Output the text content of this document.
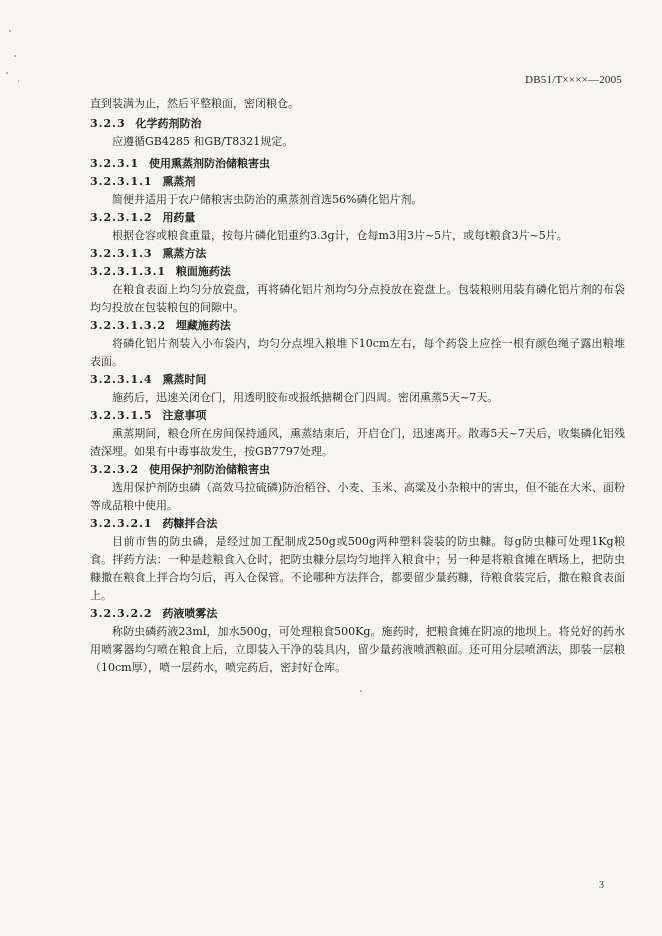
DB51/T××××—2005

直到装满为止，然后平整粮面，密闭粮仓。

3.2.3 化学药剂防治

应遵循GB4285 和GB/T8321规定。

3.2.3.1 使用熏蒸剂防治储粮害虫

3.2.3.1.1 熏蒸剂

简便并适用于农户储粮害虫防治的熏蒸剂首选56%磷化铝片剂。

3.2.3.1.2 用药量

根据仓容或粮食重量，按每片磷化铝重约3.3g计，仓每m3用3片~5片，或每t粮食3片~5片。

3.2.3.1.3 熏蒸方法

3.2.3.1.3.1 粮面施药法

在粮食表面上均匀分放瓷盘，再将磷化铝片剂均匀分点投放在瓷盘上。包装粮则用装有磷化铝片剂的布袋均匀投放在包装粮包的间隙中。

3.2.3.1.3.2 埋藏施药法

将磷化铝片剂装入小布袋内，均匀分点埋入粮堆下10cm左右，每个药袋上应拴一根有颜色绳子露出粮堆表面。

3.2.3.1.4 熏蒸时间

施药后，迅速关闭仓门，用透明胶布或报纸搪糊仓门四周。密闭熏蒸5天~7天。

3.2.3.1.5 注意事项

熏蒸期间，粮仓所在房间保持通风，熏蒸结束后，开启仓门，迅速离开。散毒5天~7天后，收集磷化铝残渣深埋。如果有中毒事故发生，按GB7797处理。

3.2.3.2 使用保护剂防治储粮害虫

选用保护剂防虫磷（高效马拉硫磷)防治稻谷、小麦、玉米、高粱及小杂粮中的害虫，但不能在大米、面粉等成品粮中使用。

3.2.3.2.1 药糠拌合法

目前市售的防虫磷，是经过加工配制成250g或500g两种塑料袋装的防虫糠。每g防虫糠可处理1Kg粮食。拌药方法：一种是趁粮食入仓时，把防虫糠分层均匀地拌入粮食中；另一种是将粮食摊在晒场上，把防虫糠撒在粮食上拌合均匀后，再入仓保管。不论哪种方法拌合，都要留少量药糠，待粮食装完后，撒在粮食表面上。

3.2.3.2.2 药液喷雾法

称防虫磷药液23ml，加水500g，可处理粮食500Kg。施药时，把粮食摊在阴凉的地坝上。将兑好的药水用喷雾器均匀喷在粮食上后，立即装入干净的装具内，留少量药液喷洒粮面。还可用分层喷洒法，即装一层粮（10cm厚），喷一层药水，喷完药后，密封好仓库。

3
